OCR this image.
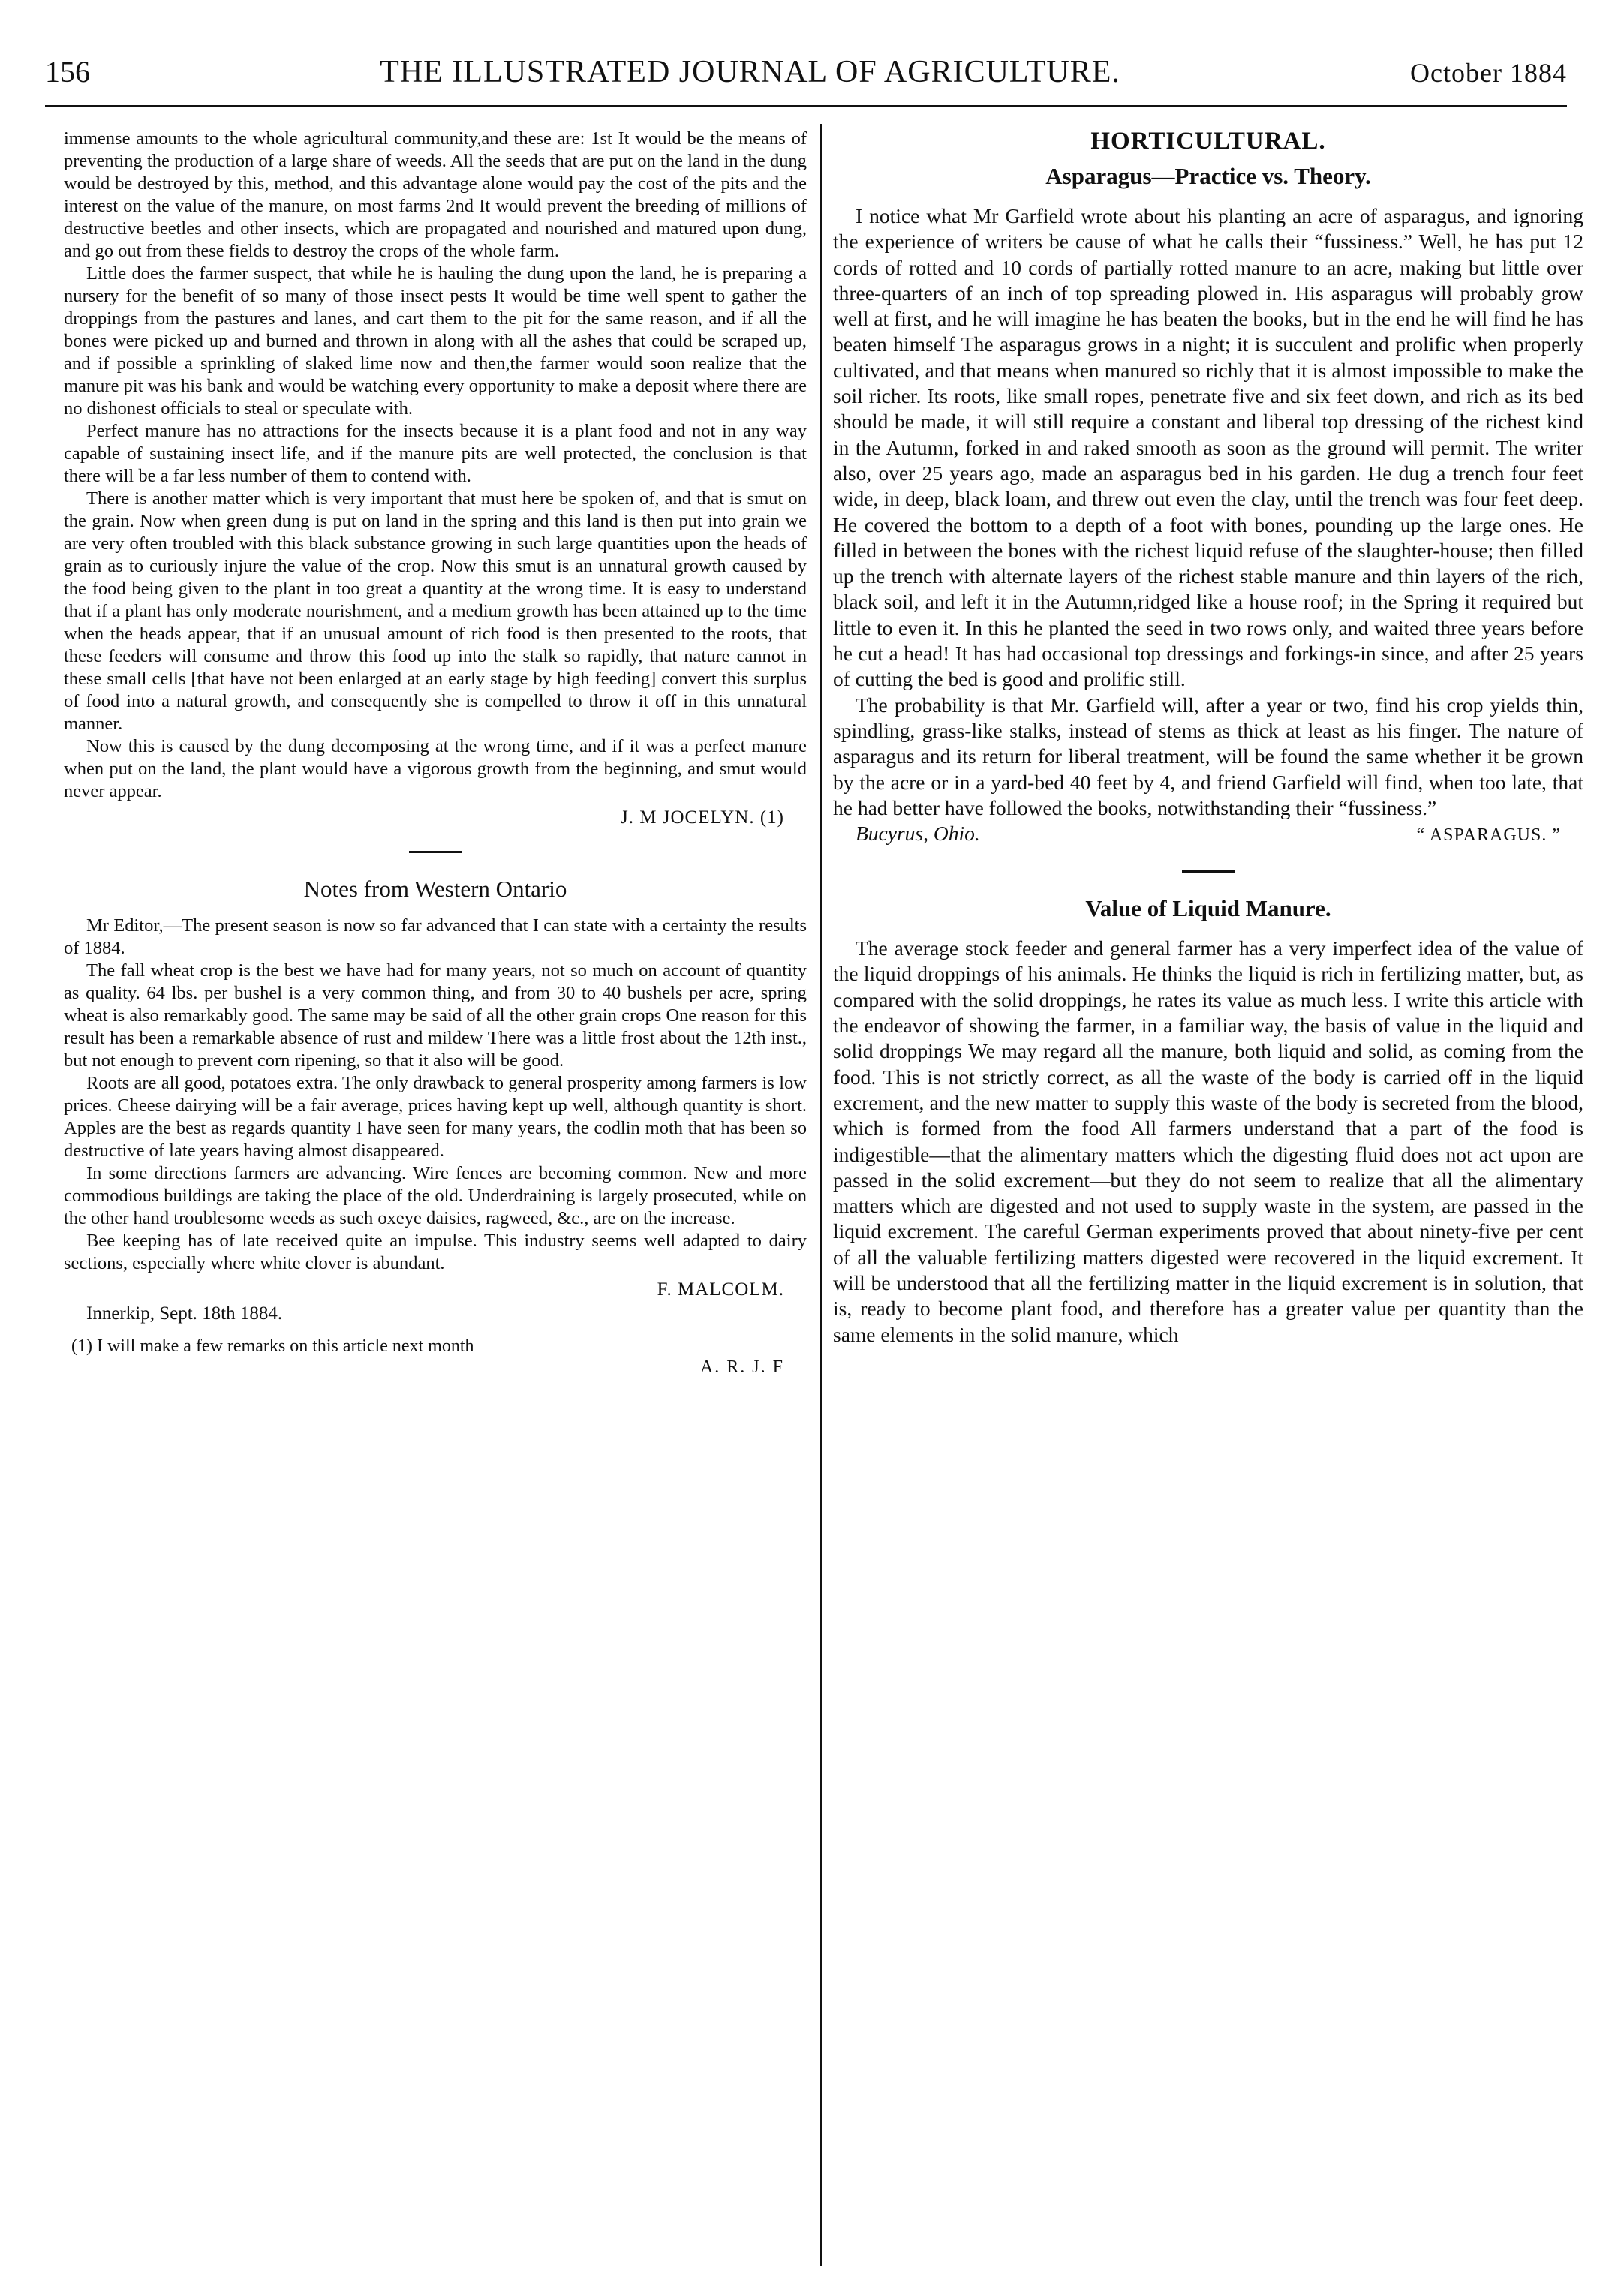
156	THE ILLUSTRATED JOURNAL OF AGRICULTURE.	October 1884

immense amounts to the whole agricultural community,and these are: 1st It would be the means of preventing the production of a large share of weeds. All the seeds that are put on the land in the dung would be destroyed by this, method, and this advantage alone would pay the cost of the pits and the interest on the value of the manure, on most farms 2nd It would prevent the breeding of millions of destructive beetles and other insects, which are propagated and nourished and matured upon dung, and go out from these fields to destroy the crops of the whole farm.

Little does the farmer suspect, that while he is hauling the dung upon the land, he is preparing a nursery for the benefit of so many of those insect pests It would be time well spent to gather the droppings from the pastures and lanes, and cart them to the pit for the same reason, and if all the bones were picked up and burned and thrown in along with all the ashes that could be scraped up, and if possible a sprinkling of slaked lime now and then,the farmer would soon realize that the manure pit was his bank and would be watching every opportunity to make a deposit where there are no dishonest officials to steal or speculate with.

Perfect manure has no attractions for the insects because it is a plant food and not in any way capable of sustaining insect life, and if the manure pits are well protected, the conclusion is that there will be a far less number of them to contend with.

There is another matter which is very important that must here be spoken of, and that is smut on the grain. Now when green dung is put on land in the spring and this land is then put into grain we are very often troubled with this black substance growing in such large quantities upon the heads of grain as to curiously injure the value of the crop. Now this smut is an unnatural growth caused by the food being given to the plant in too great a quantity at the wrong time. It is easy to understand that if a plant has only moderate nourishment, and a medium growth has been attained up to the time when the heads appear, that if an unusual amount of rich food is then presented to the roots, that these feeders will consume and throw this food up into the stalk so rapidly, that nature cannot in these small cells [that have not been enlarged at an early stage by high feeding] convert this surplus of food into a natural growth, and consequently she is compelled to throw it off in this unnatural manner.

Now this is caused by the dung decomposing at the wrong time, and if it was a perfect manure when put on the land, the plant would have a vigorous growth from the beginning, and smut would never appear.

J. M JOCELYN. (1)
Notes from Western Ontario

Mr Editor,—The present season is now so far advanced that I can state with a certainty the results of 1884.

The fall wheat crop is the best we have had for many years, not so much on account of quantity as quality. 64 lbs. per bushel is a very common thing, and from 30 to 40 bushels per acre, spring wheat is also remarkably good. The same may be said of all the other grain crops One reason for this result has been a remarkable absence of rust and mildew There was a little frost about the 12th inst., but not enough to prevent corn ripening, so that it also will be good.

Roots are all good, potatoes extra. The only drawback to general prosperity among farmers is low prices. Cheese dairying will be a fair average, prices having kept up well, although quantity is short. Apples are the best as regards quantity I have seen for many years, the codlin moth that has been so destructive of late years having almost disappeared.

In some directions farmers are advancing. Wire fences are becoming common. New and more commodious buildings are taking the place of the old. Underdraining is largely prosecuted, while on the other hand troublesome weeds as such oxeye daisies, ragweed, &c., are on the increase.

Bee keeping has of late received quite an impulse. This industry seems well adapted to dairy sections, especially where white clover is abundant.

F. MALCOLM.
Innerkip, Sept. 18th 1884.
(1) I will make a few remarks on this article next month
A. R. J. F
HORTICULTURAL.
Asparagus—Practice vs. Theory.

I notice what Mr Garfield wrote about his planting an acre of asparagus, and ignoring the experience of writers be cause of what he calls their “fussiness.” Well, he has put 12 cords of rotted and 10 cords of partially rotted manure to an acre, making but little over three-quarters of an inch of top spreading plowed in. His asparagus will probably grow well at first, and he will imagine he has beaten the books, but in the end he will find he has beaten himself The asparagus grows in a night; it is succulent and prolific when properly cultivated, and that means when manured so richly that it is almost impossible to make the soil richer. Its roots, like small ropes, penetrate five and six feet down, and rich as its bed should be made, it will still require a constant and liberal top dressing of the richest kind in the Autumn, forked in and raked smooth as soon as the ground will permit. The writer also, over 25 years ago, made an asparagus bed in his garden. He dug a trench four feet wide, in deep, black loam, and threw out even the clay, until the trench was four feet deep. He covered the bottom to a depth of a foot with bones, pounding up the large ones. He filled in between the bones with the richest liquid refuse of the slaughter-house; then filled up the trench with alternate layers of the richest stable manure and thin layers of the rich, black soil, and left it in the Autumn,ridged like a house roof; in the Spring it required but little to even it. In this he planted the seed in two rows only, and waited three years before he cut a head! It has had occasional top dressings and forkings-in since, and after 25 years of cutting the bed is good and prolific still.

The probability is that Mr. Garfield will, after a year or two, find his crop yields thin, spindling, grass-like stalks, instead of stems as thick at least as his finger. The nature of asparagus and its return for liberal treatment, will be found the same whether it be grown by the acre or in a yard-bed 40 feet by 4, and friend Garfield will find, when too late, that he had better have followed the books, notwithstanding their “fussiness.”

Bucyrus, Ohio.	“ ASPARAGUS. ”
Value of Liquid Manure.

The average stock feeder and general farmer has a very imperfect idea of the value of the liquid droppings of his animals. He thinks the liquid is rich in fertilizing matter, but, as compared with the solid droppings, he rates its value as much less. I write this article with the endeavor of showing the farmer, in a familiar way, the basis of value in the liquid and solid droppings We may regard all the manure, both liquid and solid, as coming from the food. This is not strictly correct, as all the waste of the body is carried off in the liquid excrement, and the new matter to supply this waste of the body is secreted from the blood, which is formed from the food All farmers understand that a part of the food is indigestible—that the alimentary matters which the digesting fluid does not act upon are passed in the solid excrement—but they do not seem to realize that all the alimentary matters which are digested and not used to supply waste in the system, are passed in the liquid excrement. The careful German experiments proved that about ninety-five per cent of all the valuable fertilizing matters digested were recovered in the liquid excrement. It will be understood that all the fertilizing matter in the liquid excrement is in solution, that is, ready to become plant food, and therefore has a greater value per quantity than the same elements in the solid manure, which
